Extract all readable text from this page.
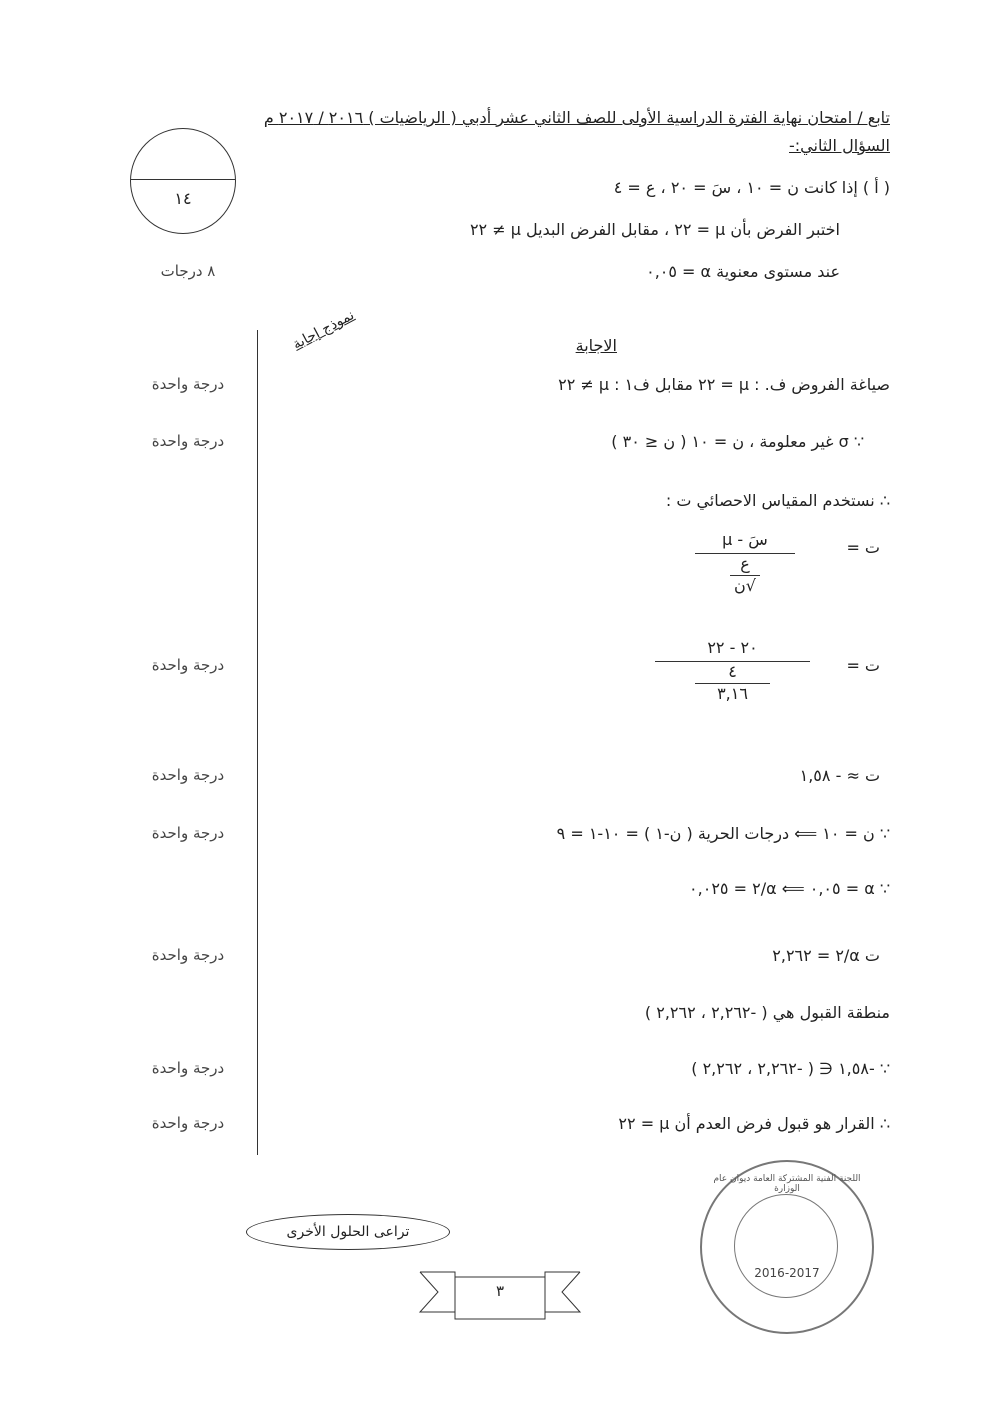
تابع / امتحان نهاية الفترة الدراسية الأولى للصف الثاني عشر أدبي ( الرياضيات ) ٢٠١٦ / ٢٠١٧ م
السؤال الثاني:-
١٤
( أ ) إذا كانت ن = ١٠ ، سَ = ٢٠ ، ع = ٤
اختبر الفرض بأن µ = ٢٢ ، مقابل الفرض البديل µ ≠ ٢٢
عند مستوى معنوية α = ٠,٠٥
٨ درجات
نموذج إجابة	الاجابة
صياغة الفروض ف. : µ = ٢٢ مقابل ف١ : µ ≠ ٢٢
∵ σ غير معلومة ، ن = ١٠ ( ن ≤ ٣٠ )
∴ نستخدم المقياس الاحصائي ت :
ت =
سَ - µ
ع
√ن
ت =
٢٠ - ٢٢
٤
٣,١٦
ت ≈ - ١,٥٨
∵ ن = ١٠ ⟸ درجات الحرية ( ن-١ ) = ١٠-١ = ٩
∵ α = ٠,٠٥ ⟸ α/٢ = ٠,٠٢٥
ت α/٢ = ٢,٢٦٢
منطقة القبول هي ( -٢,٢٦٢ ، ٢,٢٦٢ )
∵ -١,٥٨ ∈ ( -٢,٢٦٢ ، ٢,٢٦٢ )
∴ القرار هو قبول فرض العدم أن µ = ٢٢
درجة واحدة
درجة واحدة
درجة واحدة
درجة واحدة
درجة واحدة
درجة واحدة
درجة واحدة
درجة واحدة
تراعى الحلول الأخرى
٣
اللجنة الفنية المشتركة العامة ديوان عام الوزارة
2016-2017
